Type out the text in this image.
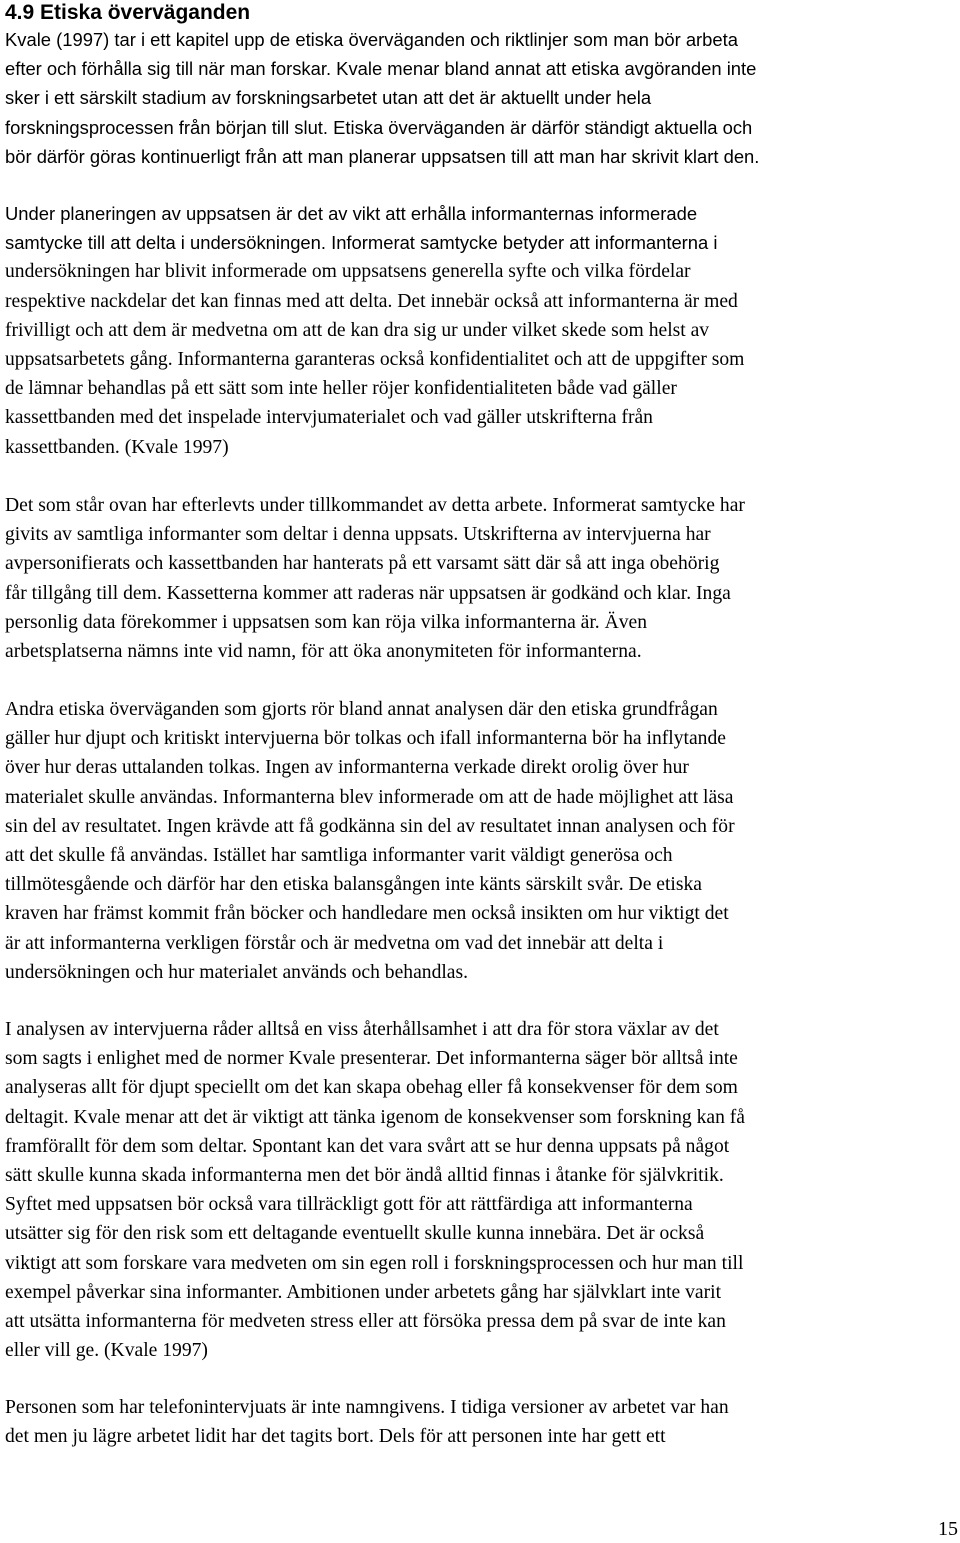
4.9 Etiska överväganden

Kvale (1997) tar i ett kapitel upp de etiska överväganden och riktlinjer som man bör arbeta
efter och förhålla sig till när man forskar. Kvale menar bland annat att etiska avgöranden inte
sker i ett särskilt stadium av forskningsarbetet utan att det är aktuellt under hela
forskningsprocessen från början till slut. Etiska överväganden är därför ständigt aktuella och
bör därför göras kontinuerligt från att man planerar uppsatsen till att man har skrivit klart den.

Under planeringen av uppsatsen är det av vikt att erhålla informanternas informerade
samtycke till att delta i undersökningen. Informerat samtycke betyder att informanterna i
undersökningen har blivit informerade om uppsatsens generella syfte och vilka fördelar
respektive nackdelar det kan finnas med att delta. Det innebär också att informanterna är med
frivilligt och att dem är medvetna om att de kan dra sig ur under vilket skede som helst av
uppsatsarbetets gång. Informanterna garanteras också konfidentialitet och att de uppgifter som
de lämnar behandlas på ett sätt som inte heller röjer konfidentialiteten både vad gäller
kassettbanden med det inspelade intervjumaterialet och vad gäller utskrifterna från
kassettbanden. (Kvale 1997)

Det som står ovan har efterlevts under tillkommandet av detta arbete. Informerat samtycke har
givits av samtliga informanter som deltar i denna uppsats. Utskrifterna av intervjuerna har
avpersonifierats och kassettbanden har hanterats på ett varsamt sätt där så att inga obehörig
får tillgång till dem. Kassetterna kommer att raderas när uppsatsen är godkänd och klar. Inga
personlig data förekommer i uppsatsen som kan röja vilka informanterna är. Även
arbetsplatserna nämns inte vid namn, för att öka anonymiteten för informanterna.

Andra etiska överväganden som gjorts rör bland annat analysen där den etiska grundfrågan
gäller hur djupt och kritiskt intervjuerna bör tolkas och ifall informanterna bör ha inflytande
över hur deras uttalanden tolkas. Ingen av informanterna verkade direkt orolig över hur
materialet skulle användas. Informanterna blev informerade om att de hade möjlighet att läsa
sin del av resultatet. Ingen krävde att få godkänna sin del av resultatet innan analysen och för
att det skulle få användas. Istället har samtliga informanter varit väldigt generösa och
tillmötesgående och därför har den etiska balansgången inte känts särskilt svår. De etiska
kraven har främst kommit från böcker och handledare men också insikten om hur viktigt det
är att informanterna verkligen förstår och är medvetna om vad det innebär att delta i
undersökningen och hur materialet används och behandlas.

I analysen av intervjuerna råder alltså en viss återhållsamhet i att dra för stora växlar av det
som sagts i enlighet med de normer Kvale presenterar. Det informanterna säger bör alltså inte
analyseras allt för djupt speciellt om det kan skapa obehag eller få konsekvenser för dem som
deltagit. Kvale menar att det är viktigt att tänka igenom de konsekvenser som forskning kan få
framförallt för dem som deltar. Spontant kan det vara svårt att se hur denna uppsats på något
sätt skulle kunna skada informanterna men det bör ändå alltid finnas i åtanke för självkritik.
Syftet med uppsatsen bör också vara tillräckligt gott för att rättfärdiga att informanterna
utsätter sig för den risk som ett deltagande eventuellt skulle kunna innebära. Det är också
viktigt att som forskare vara medveten om sin egen roll i forskningsprocessen och hur man till
exempel påverkar sina informanter. Ambitionen under arbetets gång har självklart inte varit
att utsätta informanterna för medveten stress eller att försöka pressa dem på svar de inte kan
eller vill ge. (Kvale 1997)

Personen som har telefonintervjuats är inte namngivens. I tidiga versioner av arbetet var han
det men ju lägre arbetet lidit har det tagits bort. Dels för att personen inte har gett ett

15
